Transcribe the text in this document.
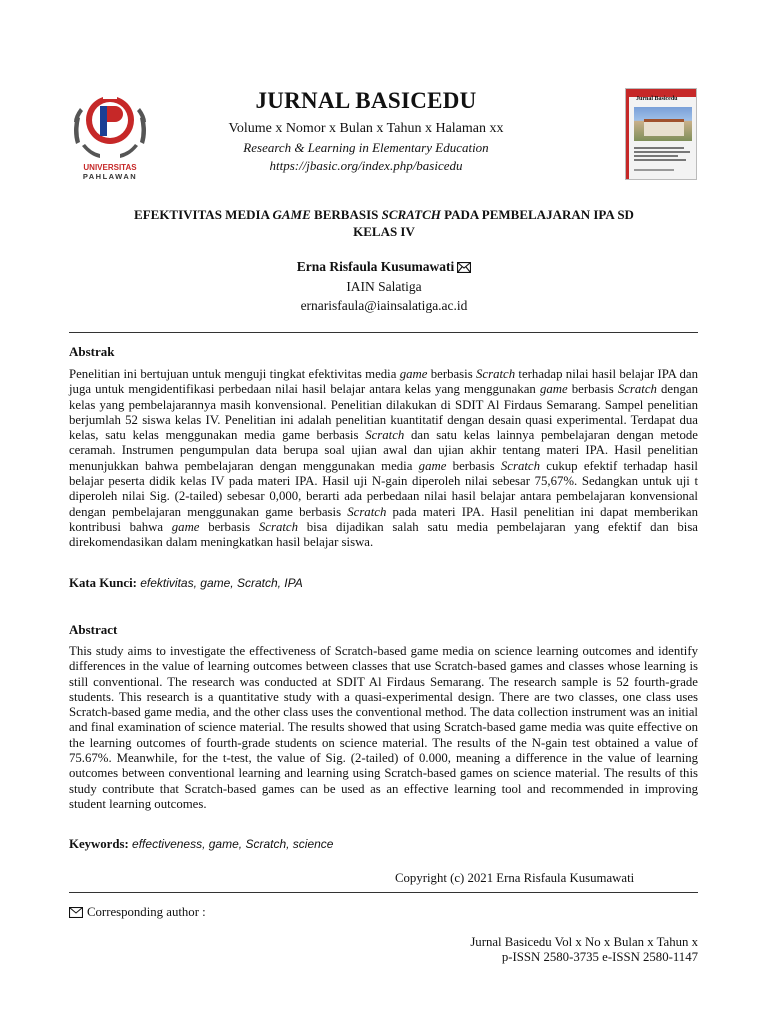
UNIVERSITAS
PAHLAWAN
Jurnal Basicedu
JURNAL BASICEDU
Volume x Nomor x Bulan x Tahun x Halaman xx
Research & Learning in Elementary Education
https://jbasic.org/index.php/basicedu
EFEKTIVITAS MEDIA GAME BERBASIS SCRATCH PADA PEMBELAJARAN IPA SD
KELAS IV
Erna Risfaula Kusumawati
IAIN Salatiga
ernarisfaula@iainsalatiga.ac.id
Abstrak
Penelitian ini bertujuan untuk menguji tingkat efektivitas media game berbasis Scratch terhadap nilai hasil belajar IPA dan juga untuk mengidentifikasi perbedaan nilai hasil belajar antara kelas yang menggunakan game berbasis Scratch dengan kelas yang pembelajarannya masih konvensional. Penelitian dilakukan di SDIT Al Firdaus Semarang. Sampel penelitian berjumlah 52 siswa kelas IV. Penelitian ini adalah penelitian kuantitatif dengan desain quasi experimental. Terdapat dua kelas, satu kelas menggunakan media game berbasis Scratch dan satu kelas lainnya pembelajaran dengan metode ceramah. Instrumen pengumpulan data berupa soal ujian awal dan ujian akhir tentang materi IPA. Hasil penelitian menunjukkan bahwa pembelajaran dengan menggunakan media game berbasis Scratch cukup efektif terhadap hasil belajar peserta didik kelas IV pada materi IPA. Hasil uji N-gain diperoleh nilai sebesar 75,67%. Sedangkan untuk uji t diperoleh nilai Sig. (2-tailed) sebesar 0,000, berarti ada perbedaan nilai hasil belajar antara pembelajaran konvensional dengan pembelajaran menggunakan game berbasis Scratch pada materi IPA. Hasil penelitian ini dapat memberikan kontribusi bahwa game berbasis Scratch bisa dijadikan salah satu media pembelajaran yang efektif dan bisa direkomendasikan dalam meningkatkan hasil belajar siswa.
Kata Kunci: efektivitas, game, Scratch, IPA
Abstract
This study aims to investigate the effectiveness of Scratch-based game media on science learning outcomes and identify differences in the value of learning outcomes between classes that use Scratch-based games and classes whose learning is still conventional. The research was conducted at SDIT Al Firdaus Semarang. The research sample is 52 fourth-grade students. This research is a quantitative study with a quasi-experimental design. There are two classes, one class uses Scratch-based game media, and the other class uses the conventional method. The data collection instrument was an initial and final examination of science material. The results showed that using Scratch-based game media was quite effective on the learning outcomes of fourth-grade students on science material. The results of the N-gain test obtained a value of 75.67%. Meanwhile, for the t-test, the value of Sig. (2-tailed) of 0.000, meaning a difference in the value of learning outcomes between conventional learning and learning using Scratch-based games on science material. The results of this study contribute that Scratch-based games can be used as an effective learning tool and recommended in improving student learning outcomes.
Keywords: effectiveness, game, Scratch, science
Copyright (c) 2021 Erna Risfaula Kusumawati
Corresponding author :
Jurnal Basicedu Vol x No x Bulan x Tahun x
p-ISSN 2580-3735 e-ISSN 2580-1147
